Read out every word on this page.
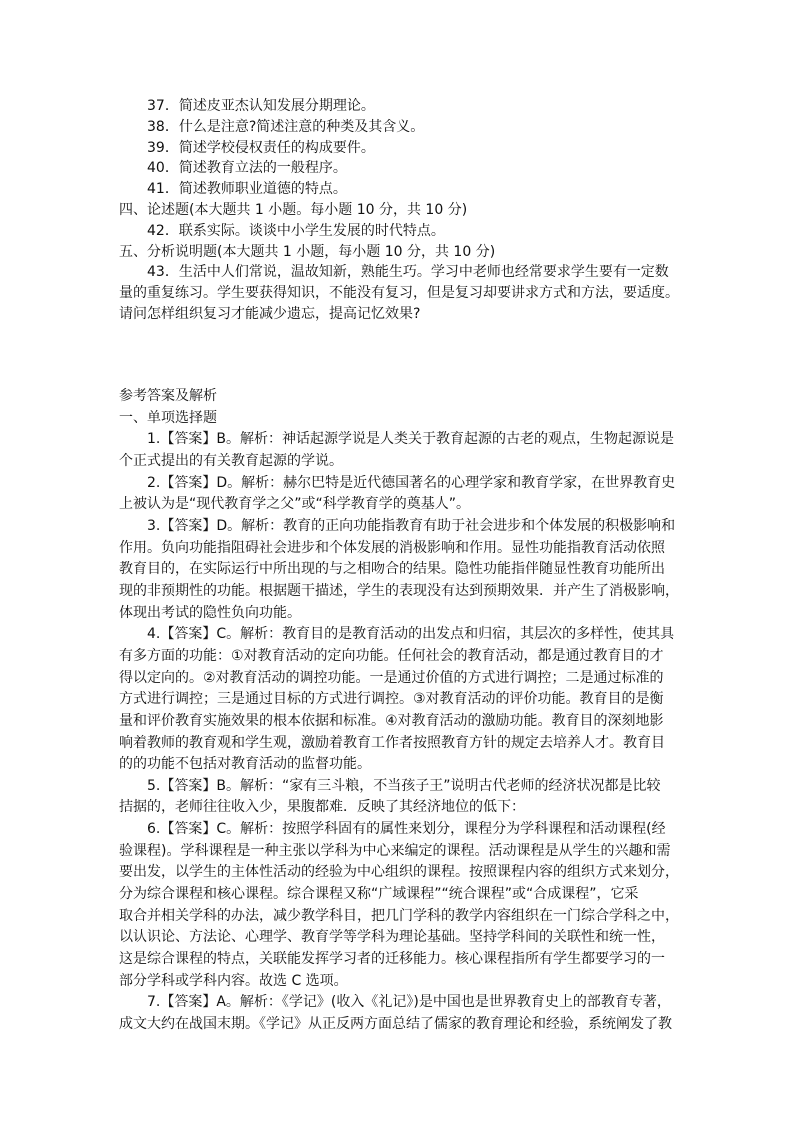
37．简述皮亚杰认知发展分期理论。
38．什么是注意?简述注意的种类及其含义。
39．简述学校侵权责任的构成要件。
40．简述教育立法的一般程序。
41．简述教师职业道德的特点。
四、论述题(本大题共 1 小题。每小题 10 分，共 10 分)
42．联系实际。谈谈中小学生发展的时代特点。
五、分析说明题(本大题共 1 小题，每小题 10 分，共 10 分)
43．生活中人们常说，温故知新，熟能生巧。学习中老师也经常要求学生要有一定数
量的重复练习。学生要获得知识，不能没有复习，但是复习却要讲求方式和方法，要适度。
请问怎样组织复习才能减少遗忘，提高记忆效果?
参考答案及解析
一、单项选择题
1.【答案】B。解析：神话起源学说是人类关于教育起源的古老的观点，生物起源说是
个正式提出的有关教育起源的学说。
2.【答案】D。解析：赫尔巴特是近代德国著名的心理学家和教育学家，在世界教育史
上被认为是“现代教育学之父”或“科学教育学的奠基人”。
3.【答案】D。解析：教育的正向功能指教育有助于社会进步和个体发展的积极影响和
作用。负向功能指阻碍社会进步和个体发展的消极影响和作用。显性功能指教育活动依照
教育目的，在实际运行中所出现的与之相吻合的结果。隐性功能指伴随显性教育功能所出
现的非预期性的功能。根据题干描述，学生的表现没有达到预期效果．并产生了消极影响，
体现出考试的隐性负向功能。
4.【答案】C。解析：教育目的是教育活动的出发点和归宿，其层次的多样性，使其具
有多方面的功能：①对教育活动的定向功能。任何社会的教育活动，都是通过教育目的才
得以定向的。②对教育活动的调控功能。一是通过价值的方式进行调控；二是通过标准的
方式进行调控；三是通过目标的方式进行调控。③对教育活动的评价功能。教育目的是衡
量和评价教育实施效果的根本依据和标准。④对教育活动的激励功能。教育目的深刻地影
响着教师的教育观和学生观，激励着教育工作者按照教育方针的规定去培养人才。教育目
的的功能不包括对教育活动的监督功能。
5.【答案】B。解析：“家有三斗粮，不当孩子王”说明古代老师的经济状况都是比较
拮据的，老师往往收入少，果腹都难．反映了其经济地位的低下：
6.【答案】C。解析：按照学科固有的属性来划分，课程分为学科课程和活动课程(经
验课程)。学科课程是一种主张以学科为中心来编定的课程。活动课程是从学生的兴趣和需
要出发，以学生的主体性活动的经验为中心组织的课程。按照课程内容的组织方式来划分，
分为综合课程和核心课程。综合课程又称“广域课程”“统合课程”或“合成课程”，它采
取合并相关学科的办法，减少教学科目，把几门学科的教学内容组织在一门综合学科之中，
以认识论、方法论、心理学、教育学等学科为理论基础。坚持学科间的关联性和统一性，
这是综合课程的特点，关联能发挥学习者的迁移能力。核心课程指所有学生都要学习的一
部分学科或学科内容。故选 C 选项。
7.【答案】A。解析：《学记》(收入《礼记》)是中国也是世界教育史上的部教育专著，
成文大约在战国末期。《学记》从正反两方面总结了儒家的教育理论和经验，系统阐发了教
